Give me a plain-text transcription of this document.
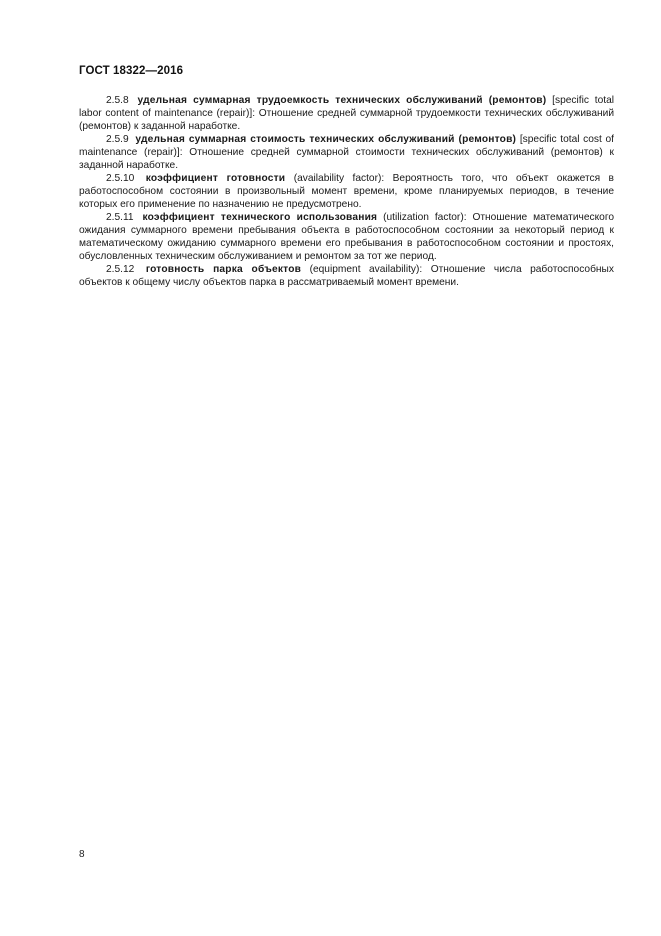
ГОСТ 18322—2016

2.5.8 удельная суммарная трудоемкость технических обслуживаний (ремонтов) [specific total labor content of maintenance (repair)]: Отношение средней суммарной трудоемкости технических обслуживаний (ремонтов) к заданной наработке.

2.5.9 удельная суммарная стоимость технических обслуживаний (ремонтов) [specific total cost of maintenance (repair)]: Отношение средней суммарной стоимости технических обслуживаний (ремонтов) к заданной наработке.

2.5.10 коэффициент готовности (availability factor): Вероятность того, что объект окажется в работоспособном состоянии в произвольный момент времени, кроме планируемых периодов, в течение которых его применение по назначению не предусмотрено.

2.5.11 коэффициент технического использования (utilization factor): Отношение математического ожидания суммарного времени пребывания объекта в работоспособном состоянии за некоторый период к математическому ожиданию суммарного времени его пребывания в работоспособном состоянии и простоях, обусловленных техническим обслуживанием и ремонтом за тот же период.

2.5.12 готовность парка объектов (equipment availability): Отношение числа работоспособных объектов к общему числу объектов парка в рассматриваемый момент времени.

8
